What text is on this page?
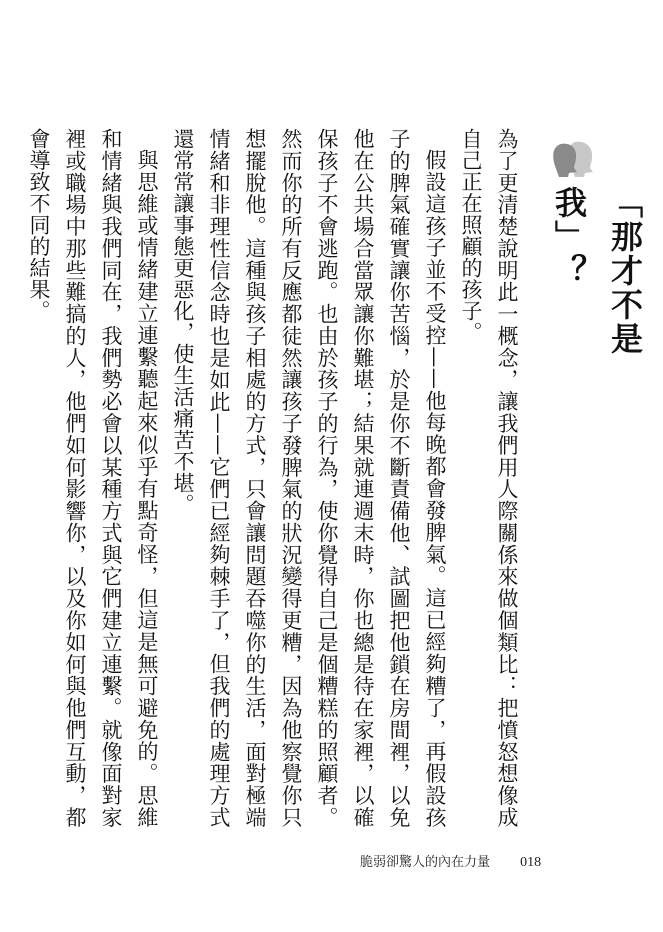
「那才不是我」？

為了更清楚說明此一概念，讓我們用人際關係來做個類比：把憤怒想像成自己正在照顧的孩子。

假設這孩子並不受控——他每晚都會發脾氣。這已經夠糟了，再假設孩子的脾氣確實讓你苦惱，於是你不斷責備他、試圖把他鎖在房間裡，以免他在公共場合當眾讓你難堪；結果就連週末時，你也總是待在家裡，以確保孩子不會逃跑。也由於孩子的行為，使你覺得自己是個糟糕的照顧者。然而你的所有反應都徒然讓孩子發脾氣的狀況變得更糟，因為他察覺你只想擺脫他。這種與孩子相處的方式，只會讓問題吞噬你的生活，面對極端情緒和非理性信念時也是如此——它們已經夠棘手了，但我們的處理方式還常常讓事態更惡化，使生活痛苦不堪。

與思維或情緒建立連繫聽起來似乎有點奇怪，但這是無可避免的。思維和情緒與我們同在，我們勢必會以某種方式與它們建立連繫。就像面對家裡或職場中那些難搞的人，他們如何影響你，以及你如何與他們互動，都會導致不同的結果。

脆弱卻驚人的內在力量 018
